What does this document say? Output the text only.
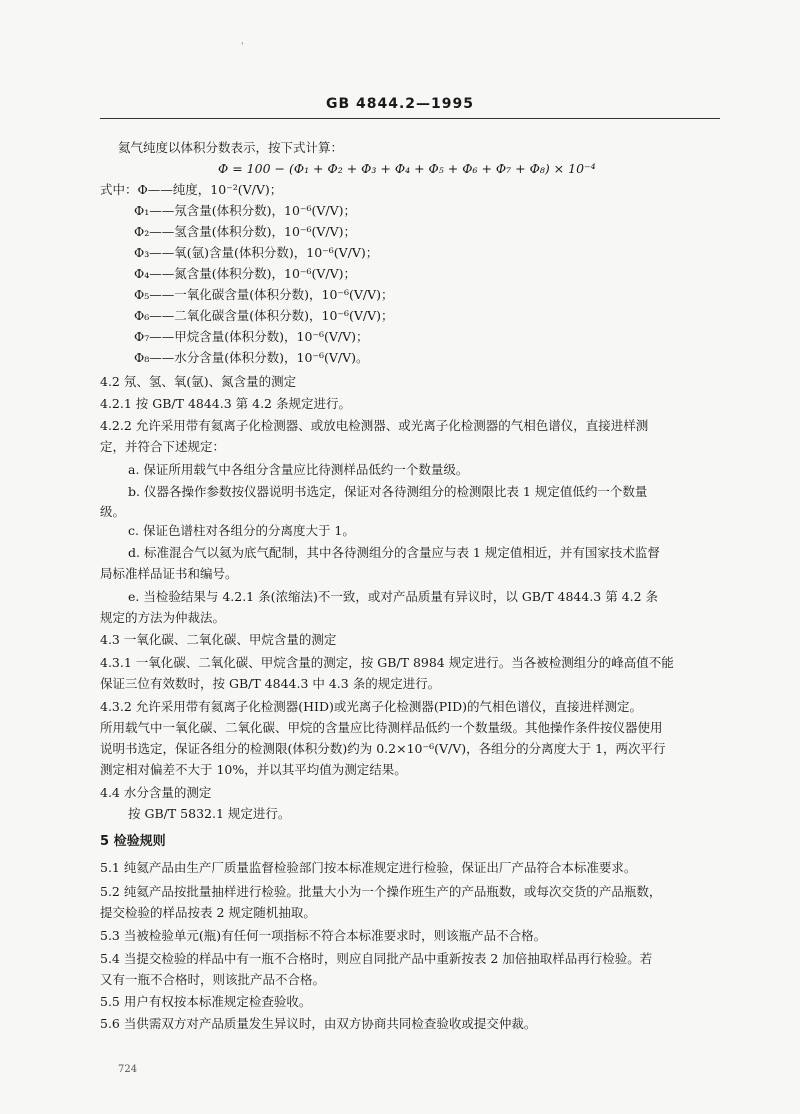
'
GB 4844.2—1995
氦气纯度以体积分数表示，按下式计算：
Φ = 100 − (Φ₁ + Φ₂ + Φ₃ + Φ₄ + Φ₅ + Φ₆ + Φ₇ + Φ₈) × 10⁻⁴
式中：Φ——纯度，10⁻²(V/V)；
Φ₁——氖含量(体积分数)，10⁻⁶(V/V)；
Φ₂——氢含量(体积分数)，10⁻⁶(V/V)；
Φ₃——氧(氩)含量(体积分数)，10⁻⁶(V/V)；
Φ₄——氮含量(体积分数)，10⁻⁶(V/V)；
Φ₅——一氧化碳含量(体积分数)，10⁻⁶(V/V)；
Φ₆——二氧化碳含量(体积分数)，10⁻⁶(V/V)；
Φ₇——甲烷含量(体积分数)，10⁻⁶(V/V)；
Φ₈——水分含量(体积分数)，10⁻⁶(V/V)。
4.2 氖、氢、氧(氩)、氮含量的测定
4.2.1 按 GB/T 4844.3 第 4.2 条规定进行。
4.2.2 允许采用带有氦离子化检测器、或放电检测器、或光离子化检测器的气相色谱仪，直接进样测
定，并符合下述规定：
a. 保证所用载气中各组分含量应比待测样品低约一个数量级。
b. 仪器各操作参数按仪器说明书选定，保证对各待测组分的检测限比表 1 规定值低约一个数量
级。
c. 保证色谱柱对各组分的分离度大于 1。
d. 标准混合气以氦为底气配制，其中各待测组分的含量应与表 1 规定值相近，并有国家技术监督
局标准样品证书和编号。
e. 当检验结果与 4.2.1 条(浓缩法)不一致，或对产品质量有异议时，以 GB/T 4844.3 第 4.2 条
规定的方法为仲裁法。
4.3 一氧化碳、二氧化碳、甲烷含量的测定
4.3.1 一氧化碳、二氧化碳、甲烷含量的测定，按 GB/T 8984 规定进行。当各被检测组分的峰高值不能
保证三位有效数时，按 GB/T 4844.3 中 4.3 条的规定进行。
4.3.2 允许采用带有氦离子化检测器(HID)或光离子化检测器(PID)的气相色谱仪，直接进样测定。
所用载气中一氧化碳、二氧化碳、甲烷的含量应比待测样品低约一个数量级。其他操作条件按仪器使用
说明书选定，保证各组分的检测限(体积分数)约为 0.2×10⁻⁶(V/V)，各组分的分离度大于 1，两次平行
测定相对偏差不大于 10%，并以其平均值为测定结果。
4.4 水分含量的测定
按 GB/T 5832.1 规定进行。
5 检验规则
5.1 纯氦产品由生产厂质量监督检验部门按本标准规定进行检验，保证出厂产品符合本标准要求。
5.2 纯氦产品按批量抽样进行检验。批量大小为一个操作班生产的产品瓶数，或每次交货的产品瓶数，
提交检验的样品按表 2 规定随机抽取。
5.3 当被检验单元(瓶)有任何一项指标不符合本标准要求时，则该瓶产品不合格。
5.4 当提交检验的样品中有一瓶不合格时，则应自同批产品中重新按表 2 加倍抽取样品再行检验。若
又有一瓶不合格时，则该批产品不合格。
5.5 用户有权按本标准规定检查验收。
5.6 当供需双方对产品质量发生异议时，由双方协商共同检查验收或提交仲裁。
724
